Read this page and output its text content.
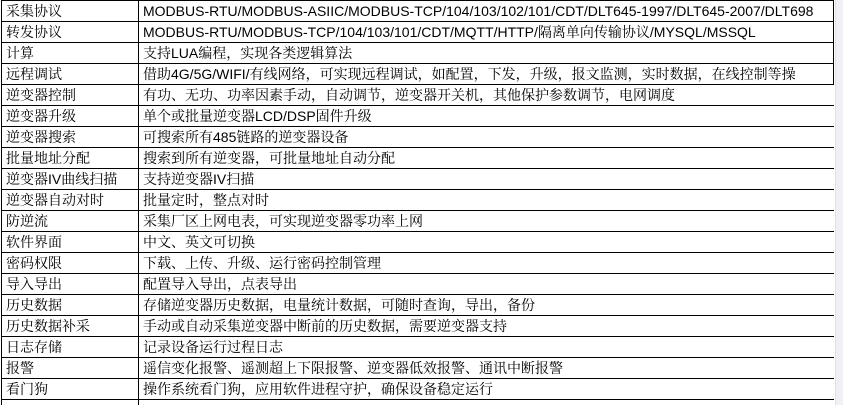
采集协议	MODBUS-RTU/MODBUS-ASIIC/MODBUS-TCP/104/103/102/101/CDT/DLT645-1997/DLT645-2007/DLT698
转发协议	MODBUS-RTU/MODBUS-TCP/104/103/101/CDT/MQTT/HTTP/隔离单向传输协议/MYSQL/MSSQL
计算	支持LUA编程，实现各类逻辑算法
远程调试	借助4G/5G/WIFI/有线网络，可实现远程调试，如配置，下发，升级，报文监测，实时数据，在线控制等操
逆变器控制	有功、无功、功率因素手动，自动调节，逆变器开关机，其他保护参数调节，电网调度
逆变器升级	单个或批量逆变器LCD/DSP固件升级
逆变器搜索	可搜索所有485链路的逆变器设备
批量地址分配	搜索到所有逆变器，可批量地址自动分配
逆变器IV曲线扫描	支持逆变器IV扫描
逆变器自动对时	批量定时，整点对时
防逆流	采集厂区上网电表，可实现逆变器零功率上网
软件界面	中文、英文可切换
密码权限	下载、上传、升级、运行密码控制管理
导入导出	配置导入导出，点表导出
历史数据	存储逆变器历史数据，电量统计数据，可随时查询，导出，备份
历史数据补采	手动或自动采集逆变器中断前的历史数据，需要逆变器支持
日志存储	记录设备运行过程日志
报警	遥信变化报警、遥测超上下限报警、逆变器低效报警、通讯中断报警
看门狗	操作系统看门狗，应用软件进程守护，确保设备稳定运行
